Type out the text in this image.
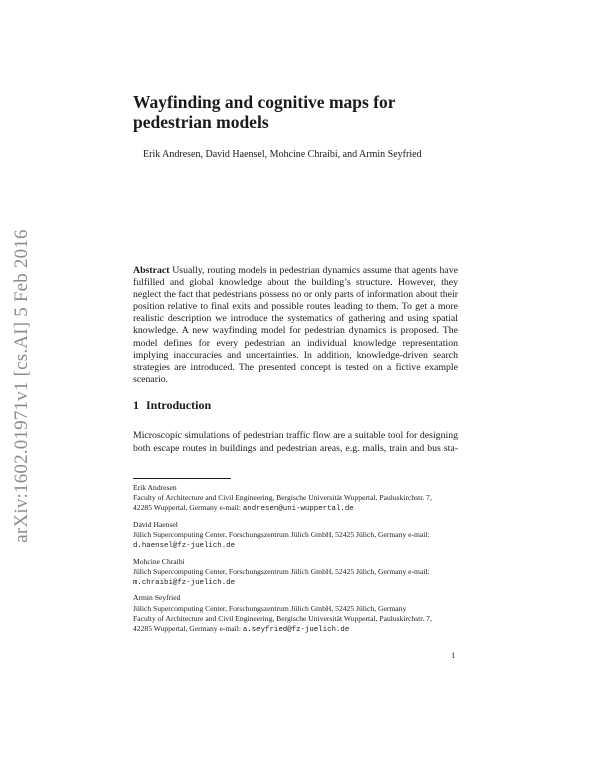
arXiv:1602.01971v1 [cs.AI] 5 Feb 2016
Wayfinding and cognitive maps for pedestrian models
Erik Andresen, David Haensel, Mohcine Chraibi, and Armin Seyfried

Abstract Usually, routing models in pedestrian dynamics assume that agents have fulfilled and global knowledge about the building’s structure. However, they neglect the fact that pedestrians possess no or only parts of information about their position relative to final exits and possible routes leading to them. To get a more realistic description we introduce the systematics of gathering and using spatial knowledge. A new wayfinding model for pedestrian dynamics is proposed. The model defines for every pedestrian an individual knowledge representation implying inaccuracies and uncertainties. In addition, knowledge-driven search strategies are introduced. The presented concept is tested on a fictive example scenario.

1 Introduction

Microscopic simulations of pedestrian traffic flow are a suitable tool for designing both escape routes in buildings and pedestrian areas, e.g. malls, train and bus sta-

Erik Andresen
Faculty of Architecture and Civil Engineering, Bergische Universität Wuppertal, Pauluskirchstr. 7,
42285 Wuppertal, Germany e-mail: andresen@uni-wuppertal.de
David Haensel
Jülich Supercomputing Center, Forschungszentrum Jülich GmbH, 52425 Jülich, Germany e-mail:
d.haensel@fz-juelich.de
Mohcine Chraibi
Jülich Supercomputing Center, Forschungszentrum Jülich GmbH, 52425 Jülich, Germany e-mail:
m.chraibi@fz-juelich.de
Armin Seyfried
Jülich Supercomputing Center, Forschungszentrum Jülich GmbH, 52425 Jülich, Germany
Faculty of Architecture and Civil Engineering, Bergische Universität Wuppertal, Pauluskirchstr. 7,
42285 Wuppertal, Germany e-mail: a.seyfried@fz-juelich.de
1
